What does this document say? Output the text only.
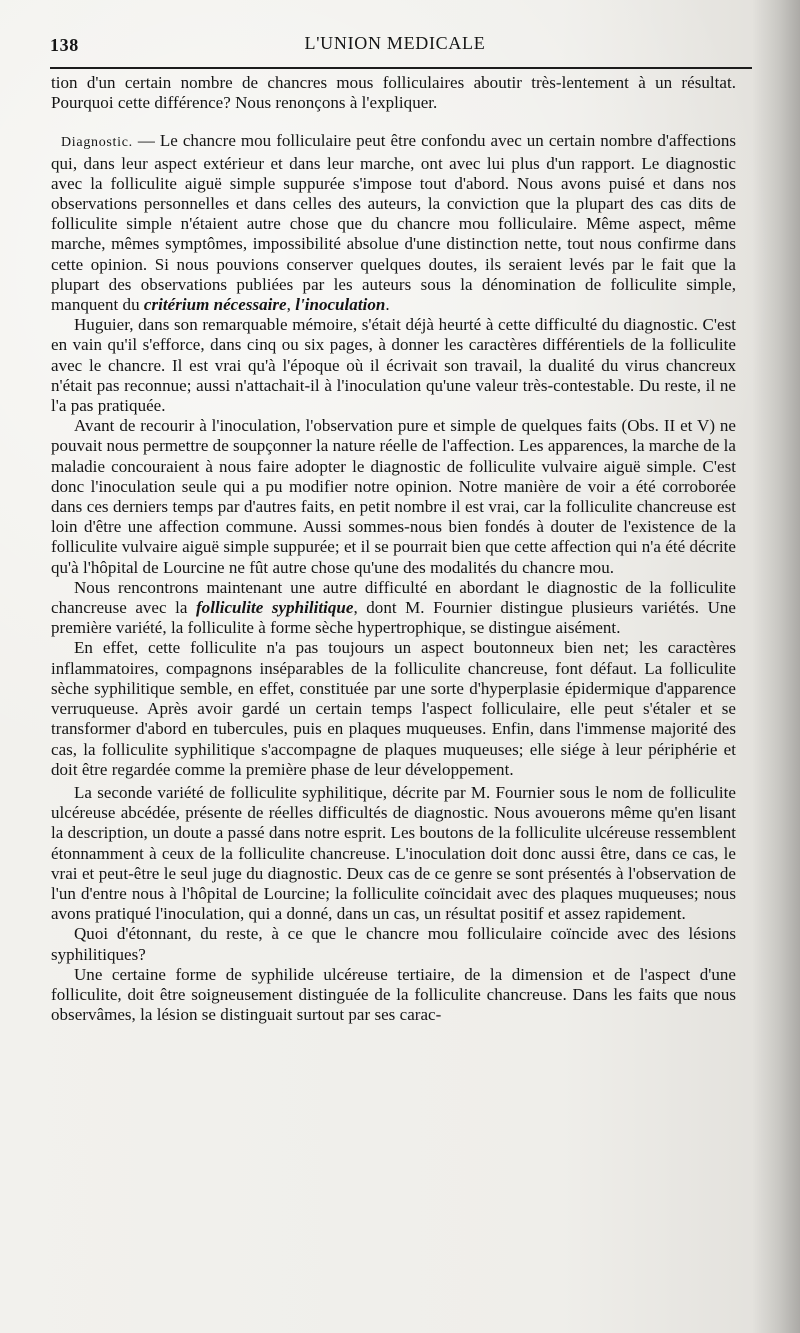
138	L'UNION MEDICALE

tion d'un certain nombre de chancres mous folliculaires aboutir très-lentement à un résultat. Pourquoi cette différence? Nous renonçons à l'expliquer.

Diagnostic. — Le chancre mou folliculaire peut être confondu avec un certain nombre d'affections qui, dans leur aspect extérieur et dans leur marche, ont avec lui plus d'un rapport. Le diagnostic avec la folliculite aiguë simple suppurée s'impose tout d'abord. Nous avons puisé et dans nos observations personnelles et dans celles des auteurs, la conviction que la plupart des cas dits de folliculite simple n'étaient autre chose que du chancre mou folliculaire. Même aspect, même marche, mêmes symptômes, impossibilité absolue d'une distinction nette, tout nous confirme dans cette opinion. Si nous pouvions conserver quelques doutes, ils seraient levés par le fait que la plupart des observations publiées par les auteurs sous la dénomination de folliculite simple, manquent du critérium nécessaire, l'inoculation.

Huguier, dans son remarquable mémoire, s'était déjà heurté à cette difficulté du diagnostic. C'est en vain qu'il s'efforce, dans cinq ou six pages, à donner les caractères différentiels de la folliculite avec le chancre. Il est vrai qu'à l'époque où il écrivait son travail, la dualité du virus chancreux n'était pas reconnue; aussi n'attachait-il à l'inoculation qu'une valeur très-contestable. Du reste, il ne l'a pas pratiquée.

Avant de recourir à l'inoculation, l'observation pure et simple de quelques faits (Obs. II et V) ne pouvait nous permettre de soupçonner la nature réelle de l'affection. Les apparences, la marche de la maladie concouraient à nous faire adopter le diagnostic de folliculite vulvaire aiguë simple. C'est donc l'inoculation seule qui a pu modifier notre opinion. Notre manière de voir a été corroborée dans ces derniers temps par d'autres faits, en petit nombre il est vrai, car la folliculite chancreuse est loin d'être une affection commune. Aussi sommes-nous bien fondés à douter de l'existence de la folliculite vulvaire aiguë simple suppurée; et il se pourrait bien que cette affection qui n'a été décrite qu'à l'hôpital de Lourcine ne fût autre chose qu'une des modalités du chancre mou.

Nous rencontrons maintenant une autre difficulté en abordant le diagnostic de la folliculite chancreuse avec la folliculite syphilitique, dont M. Fournier distingue plusieurs variétés. Une première variété, la folliculite à forme sèche hypertrophique, se distingue aisément.

En effet, cette folliculite n'a pas toujours un aspect boutonneux bien net; les caractères inflammatoires, compagnons inséparables de la folliculite chancreuse, font défaut. La folliculite sèche syphilitique semble, en effet, constituée par une sorte d'hyperplasie épidermique d'apparence verruqueuse. Après avoir gardé un certain temps l'aspect folliculaire, elle peut s'étaler et se transformer d'abord en tubercules, puis en plaques muqueuses. Enfin, dans l'immense majorité des cas, la folliculite syphilitique s'accompagne de plaques muqueuses; elle siége à leur périphérie et doit être regardée comme la première phase de leur développement.

La seconde variété de folliculite syphilitique, décrite par M. Fournier sous le nom de folliculite ulcéreuse abcédée, présente de réelles difficultés de diagnostic. Nous avouerons même qu'en lisant la description, un doute a passé dans notre esprit. Les boutons de la folliculite ulcéreuse ressemblent étonnamment à ceux de la folliculite chancreuse. L'inoculation doit donc aussi être, dans ce cas, le vrai et peut-être le seul juge du diagnostic. Deux cas de ce genre se sont présentés à l'observation de l'un d'entre nous à l'hôpital de Lourcine; la folliculite coïncidait avec des plaques muqueuses; nous avons pratiqué l'inoculation, qui a donné, dans un cas, un résultat positif et assez rapidement.

Quoi d'étonnant, du reste, à ce que le chancre mou folliculaire coïncide avec des lésions syphilitiques?

Une certaine forme de syphilide ulcéreuse tertiaire, de la dimension et de l'aspect d'une folliculite, doit être soigneusement distinguée de la folliculite chancreuse. Dans les faits que nous observâmes, la lésion se distinguait surtout par ses carac-
